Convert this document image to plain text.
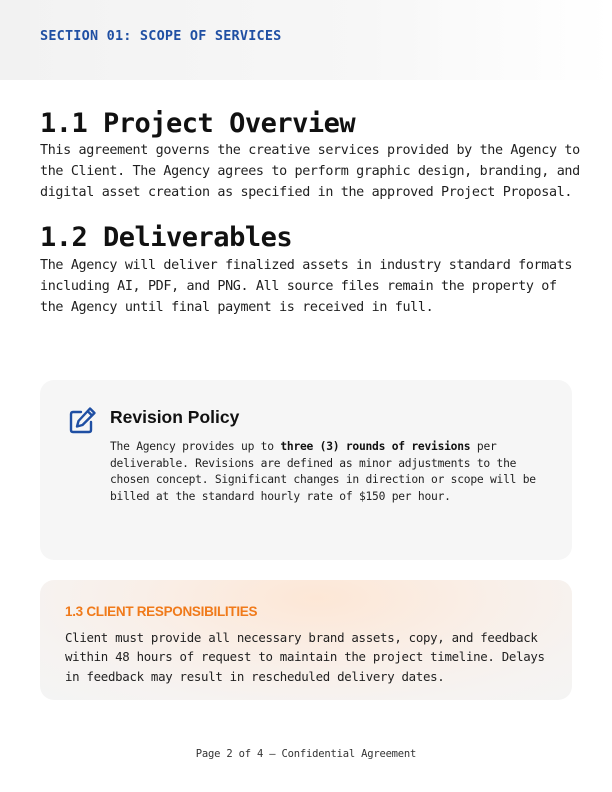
SECTION 01: SCOPE OF SERVICES
1.1 Project Overview

This agreement governs the creative services provided by the Agency to the Client. The Agency agrees to perform graphic design, branding, and digital asset creation as specified in the approved Project Proposal.

1.2 Deliverables

The Agency will deliver finalized assets in industry standard formats including AI, PDF, and PNG. All source files remain the property of the Agency until final payment is received in full.

Revision Policy

The Agency provides up to three (3) rounds of revisions per deliverable. Revisions are defined as minor adjustments to the chosen concept. Significant changes in direction or scope will be billed at the standard hourly rate of $150 per hour.

1.3 CLIENT RESPONSIBILITIES

Client must provide all necessary brand assets, copy, and feedback within 48 hours of request to maintain the project timeline. Delays in feedback may result in rescheduled delivery dates.

Page 2 of 4 — Confidential Agreement
